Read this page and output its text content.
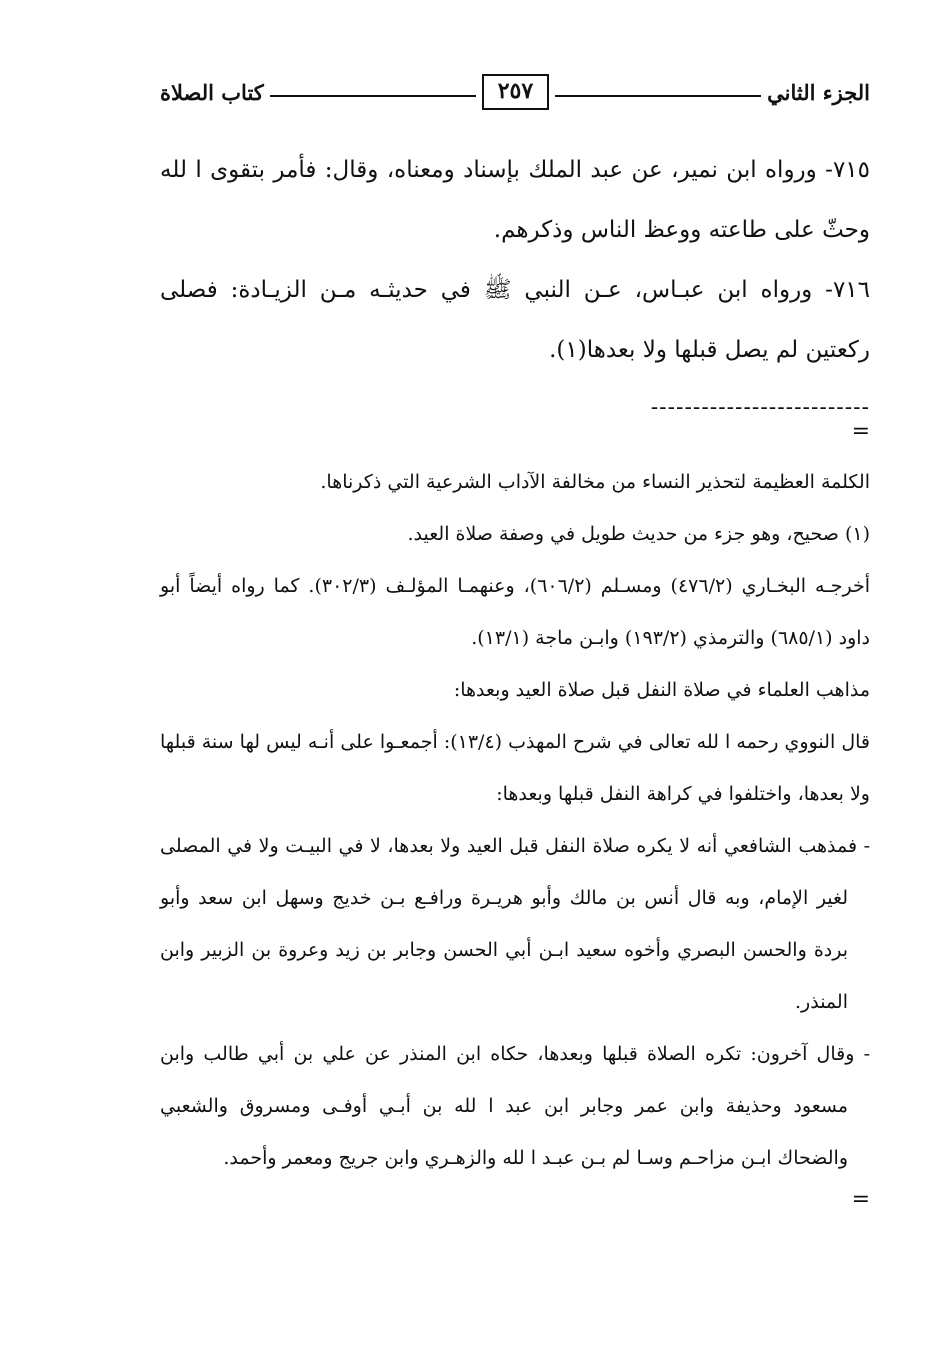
الجزء الثاني
٢٥٧
كتاب الصلاة

٧١٥- ورواه ابن نمير، عن عبد الملك بإسناد ومعناه، وقال: فأمر بتقوى ا لله وحثّ على طاعته ووعظ الناس وذكرهم.

٧١٦- ورواه ابن عبـاس، عـن النبي ﷺ في حديثـه مـن الزيـادة: فصلى ركعتين لم يصل قبلها ولا بعدها(١).

--------------------------
=

الكلمة العظيمة لتحذير النساء من مخالفة الآداب الشرعية التي ذكرناها.

(١) صحيح، وهو جزء من حديث طويل في وصفة صلاة العيد.

أخرجـه البخـاري (٤٧٦/٢) ومسـلم (٦٠٦/٢)، وعنهمـا المؤلـف (٣٠٢/٣). كما رواه أيضاً أبو داود (٦٨٥/١) والترمذي (١٩٣/٢) وابـن ماجة (١٣/١).

مذاهب العلماء في صلاة النفل قبل صلاة العيد وبعدها:

قال النووي رحمه ا لله تعالى في شرح المهذب (١٣/٤): أجمعـوا على أنـه ليس لها سنة قبلها ولا بعدها، واختلفوا في كراهة النفل قبلها وبعدها:

- فمذهب الشافعي أنه لا يكره صلاة النفل قبل العيد ولا بعدها، لا في البيـت ولا في المصلى لغير الإمام، وبه قال أنس بن مالك وأبو هريـرة ورافـع بـن خديج وسهل ابن سعد وأبو بردة والحسن البصري وأخوه سعيد ابـن أبي الحسن وجابر بن زيد وعروة بن الزبير وابن المنذر.

- وقال آخرون: تكره الصلاة قبلها وبعدها، حكاه ابن المنذر عن علي بن أبي طالب وابن مسعود وحذيفة وابن عمر وجابر ابن عبد ا لله بن أبـي أوفـى ومسروق والشعبي والضحاك ابـن مزاحـم وسـا لم بـن عبـد ا لله والزهـري وابن جريج ومعمر وأحمد.

=
